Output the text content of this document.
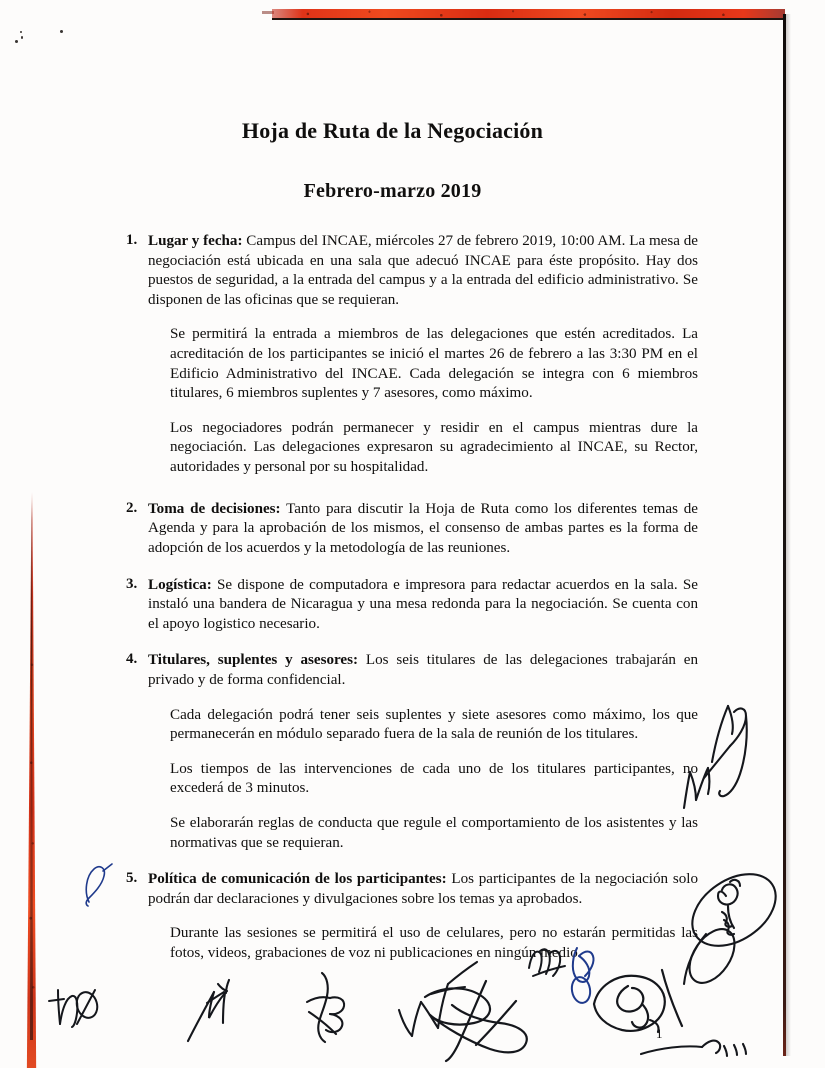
Hoja de Ruta de la Negociación
Febrero-marzo 2019
1. Lugar y fecha: Campus del INCAE, miércoles 27 de febrero 2019, 10:00 AM. La mesa de negociación está ubicada en una sala que adecuó INCAE para éste propósito. Hay dos puestos de seguridad, a la entrada del campus y a la entrada del edificio administrativo. Se disponen de las oficinas que se requieran.

Se permitirá la entrada a miembros de las delegaciones que estén acreditados. La acreditación de los participantes se inició el martes 26 de febrero a las 3:30 PM en el Edificio Administrativo del INCAE. Cada delegación se integra con 6 miembros titulares, 6 miembros suplentes y 7 asesores, como máximo.

Los negociadores podrán permanecer y residir en el campus mientras dure la negociación. Las delegaciones expresaron su agradecimiento al INCAE, su Rector, autoridades y personal por su hospitalidad.

2. Toma de decisiones: Tanto para discutir la Hoja de Ruta como los diferentes temas de Agenda y para la aprobación de los mismos, el consenso de ambas partes es la forma de adopción de los acuerdos y la metodología de las reuniones.

3. Logística: Se dispone de computadora e impresora para redactar acuerdos en la sala. Se instaló una bandera de Nicaragua y una mesa redonda para la negociación. Se cuenta con el apoyo logistico necesario.

4. Titulares, suplentes y asesores: Los seis titulares de las delegaciones trabajarán en privado y de forma confidencial.

Cada delegación podrá tener seis suplentes y siete asesores como máximo, los que permanecerán en módulo separado fuera de la sala de reunión de los titulares.

Los tiempos de las intervenciones de cada uno de los titulares participantes, no excederá de 3 minutos.

Se elaborarán reglas de conducta que regule el comportamiento de los asistentes y las normativas que se requieran.

5. Política de comunicación de los participantes: Los participantes de la negociación solo podrán dar declaraciones y divulgaciones sobre los temas ya aprobados.

Durante las sesiones se permitirá el uso de celulares, pero no estarán permitidas las fotos, videos, grabaciones de voz ni publicaciones en ningún medio.

1
